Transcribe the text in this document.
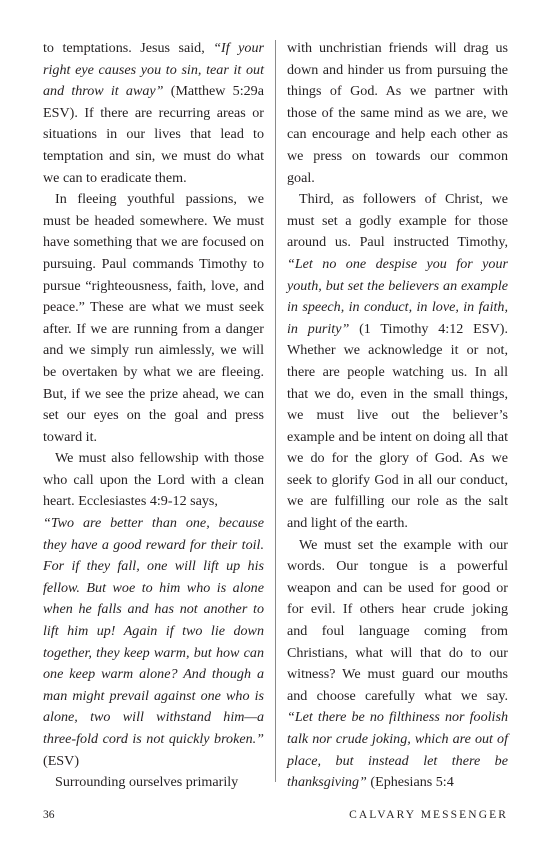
to temptations. Jesus said, “If your right eye causes you to sin, tear it out and throw it away” (Matthew 5:29a ESV). If there are recurring areas or situations in our lives that lead to temptation and sin, we must do what we can to eradicate them.

In fleeing youthful passions, we must be headed somewhere. We must have something that we are focused on pursuing. Paul commands Timothy to pursue “righteousness, faith, love, and peace.” These are what we must seek after. If we are running from a danger and we simply run aimlessly, we will be overtaken by what we are fleeing. But, if we see the prize ahead, we can set our eyes on the goal and press toward it.

We must also fellowship with those who call upon the Lord with a clean heart. Ecclesiastes 4:9-12 says,

“Two are better than one, because they have a good reward for their toil. For if they fall, one will lift up his fellow. But woe to him who is alone when he falls and has not another to lift him up! Again if two lie down together, they keep warm, but how can one keep warm alone? And though a man might prevail against one who is alone, two will withstand him—a three-fold cord is not quickly broken.” (ESV)

Surrounding ourselves primarily

with unchristian friends will drag us down and hinder us from pursuing the things of God. As we partner with those of the same mind as we are, we can encourage and help each other as we press on towards our common goal.

Third, as followers of Christ, we must set a godly example for those around us. Paul instructed Timothy, “Let no one despise you for your youth, but set the believers an example in speech, in conduct, in love, in faith, in purity” (1 Timothy 4:12 ESV). Whether we acknowledge it or not, there are people watching us. In all that we do, even in the small things, we must live out the believer’s example and be intent on doing all that we do for the glory of God. As we seek to glorify God in all our conduct, we are fulfilling our role as the salt and light of the earth.

We must set the example with our words. Our tongue is a powerful weapon and can be used for good or for evil. If others hear crude joking and foul language coming from Christians, what will that do to our witness? We must guard our mouths and choose carefully what we say. “Let there be no filthiness nor foolish talk nor crude joking, which are out of place, but instead let there be thanksgiving” (Ephesians 5:4

36	CALVARY MESSENGER
